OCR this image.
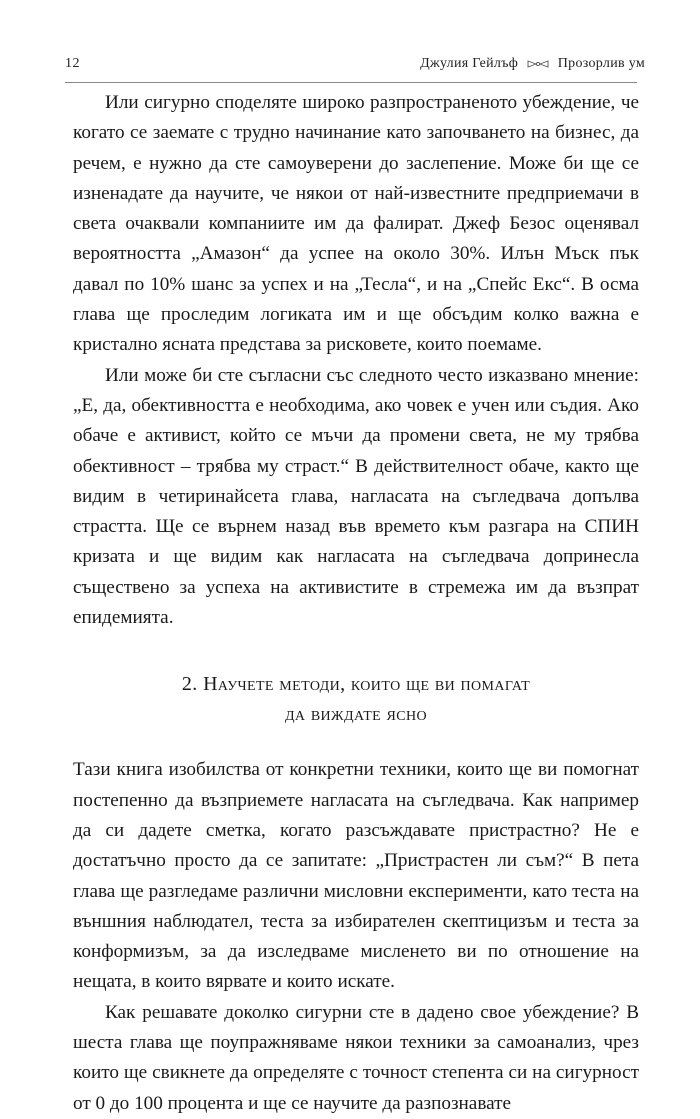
12	Джулия Гейлъф	Прозорлив ум

Или сигурно споделяте широко разпространеното убеждение, че когато се заемате с трудно начинание като започването на бизнес, да речем, е нужно да сте самоуверени до заслепение. Може би ще се изненадате да научите, че някои от най-известните предприемачи в света очаквали компаниите им да фалират. Джеф Безос оценявал вероятността „Амазон“ да успее на около 30%. Илън Мъск пък давал по 10% шанс за успех и на „Тесла“, и на „Спейс Екс“. В осма глава ще проследим логиката им и ще обсъдим колко важна е кристално ясната представа за рисковете, които поемаме.

Или може би сте съгласни със следното често изказвано мнение: „Е, да, обективността е необходима, ако човек е учен или съдия. Ако обаче е активист, който се мъчи да промени света, не му трябва обективност – трябва му страст.“ В действителност обаче, както ще видим в четиринайсета глава, нагласата на съгледвача допълва страстта. Ще се върнем назад във времето към разгара на СПИН кризата и ще видим как нагласата на съгледвача допринесла съществено за успеха на активистите в стремежа им да възпрат епидемията.

2. Научете методи, които ще ви помагат
да виждате ясно

Тази книга изобилства от конкретни техники, които ще ви помогнат постепенно да възприемете нагласата на съгледвача. Как например да си дадете сметка, когато разсъждавате пристрастно? Не е достатъчно просто да се запитате: „Пристрастен ли съм?“ В пета глава ще разгледаме различни мисловни експерименти, като теста на външния наблюдател, теста за избирателен скептицизъм и теста за конформизъм, за да изследваме мисленето ви по отношение на нещата, в които вярвате и които искате.

Как решавате доколко сигурни сте в дадено свое убеждение? В шеста глава ще поупражняваме някои техники за самоанализ, чрез които ще свикнете да определяте с точност степента си на сигурност от 0 до 100 процента и ще се научите да разпознавате
